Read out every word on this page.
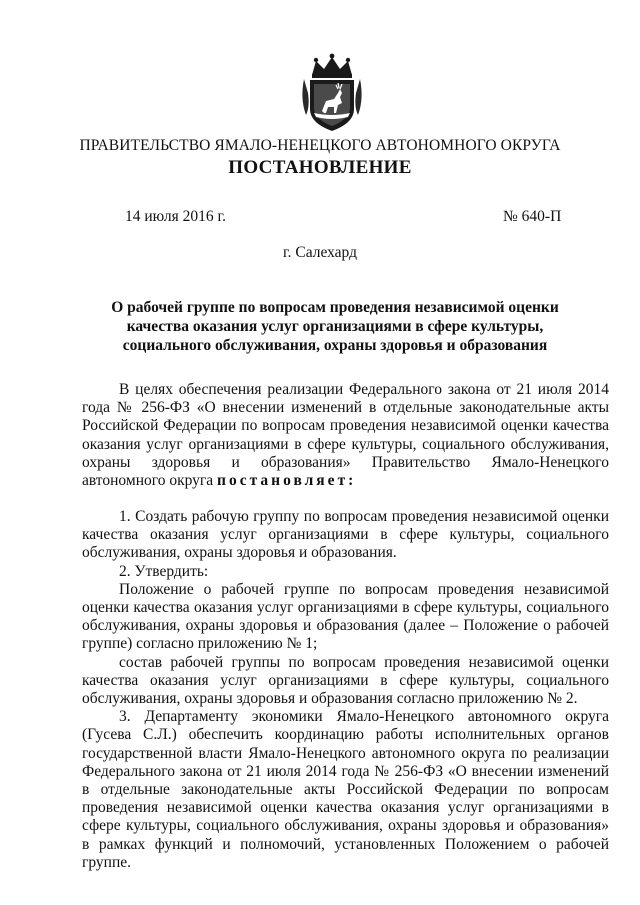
ПРАВИТЕЛЬСТВО ЯМАЛО-НЕНЕЦКОГО АВТОНОМНОГО ОКРУГА
ПОСТАНОВЛЕНИЕ
14 июля 2016 г.	№ 640-П
г. Салехард
О рабочей группе по вопросам проведения независимой оценки качества оказания услуг организациями в сфере культуры, социального обслуживания, охраны здоровья и образования

В целях обеспечения реализации Федерального закона от 21 июля 2014 года № 256-ФЗ «О внесении изменений в отдельные законодательные акты Российской Федерации по вопросам проведения независимой оценки качества оказания услуг организациями в сфере культуры, социального обслуживания, охраны здоровья и образования» Правительство Ямало-Ненецкого автономного округа постановляет:

1. Создать рабочую группу по вопросам проведения независимой оценки качества оказания услуг организациями в сфере культуры, социального обслуживания, охраны здоровья и образования.

2. Утвердить:

Положение о рабочей группе по вопросам проведения независимой оценки качества оказания услуг организациями в сфере культуры, социального обслуживания, охраны здоровья и образования (далее – Положение о рабочей группе) согласно приложению № 1;

состав рабочей группы по вопросам проведения независимой оценки качества оказания услуг организациями в сфере культуры, социального обслуживания, охраны здоровья и образования согласно приложению № 2.

3. Департаменту экономики Ямало-Ненецкого автономного округа (Гусева С.Л.) обеспечить координацию работы исполнительных органов государственной власти Ямало-Ненецкого автономного округа по реализации Федерального закона от 21 июля 2014 года № 256-ФЗ «О внесении изменений в отдельные законодательные акты Российской Федерации по вопросам проведения независимой оценки качества оказания услуг организациями в сфере культуры, социального обслуживания, охраны здоровья и образования» в рамках функций и полномочий, установленных Положением о рабочей группе.
